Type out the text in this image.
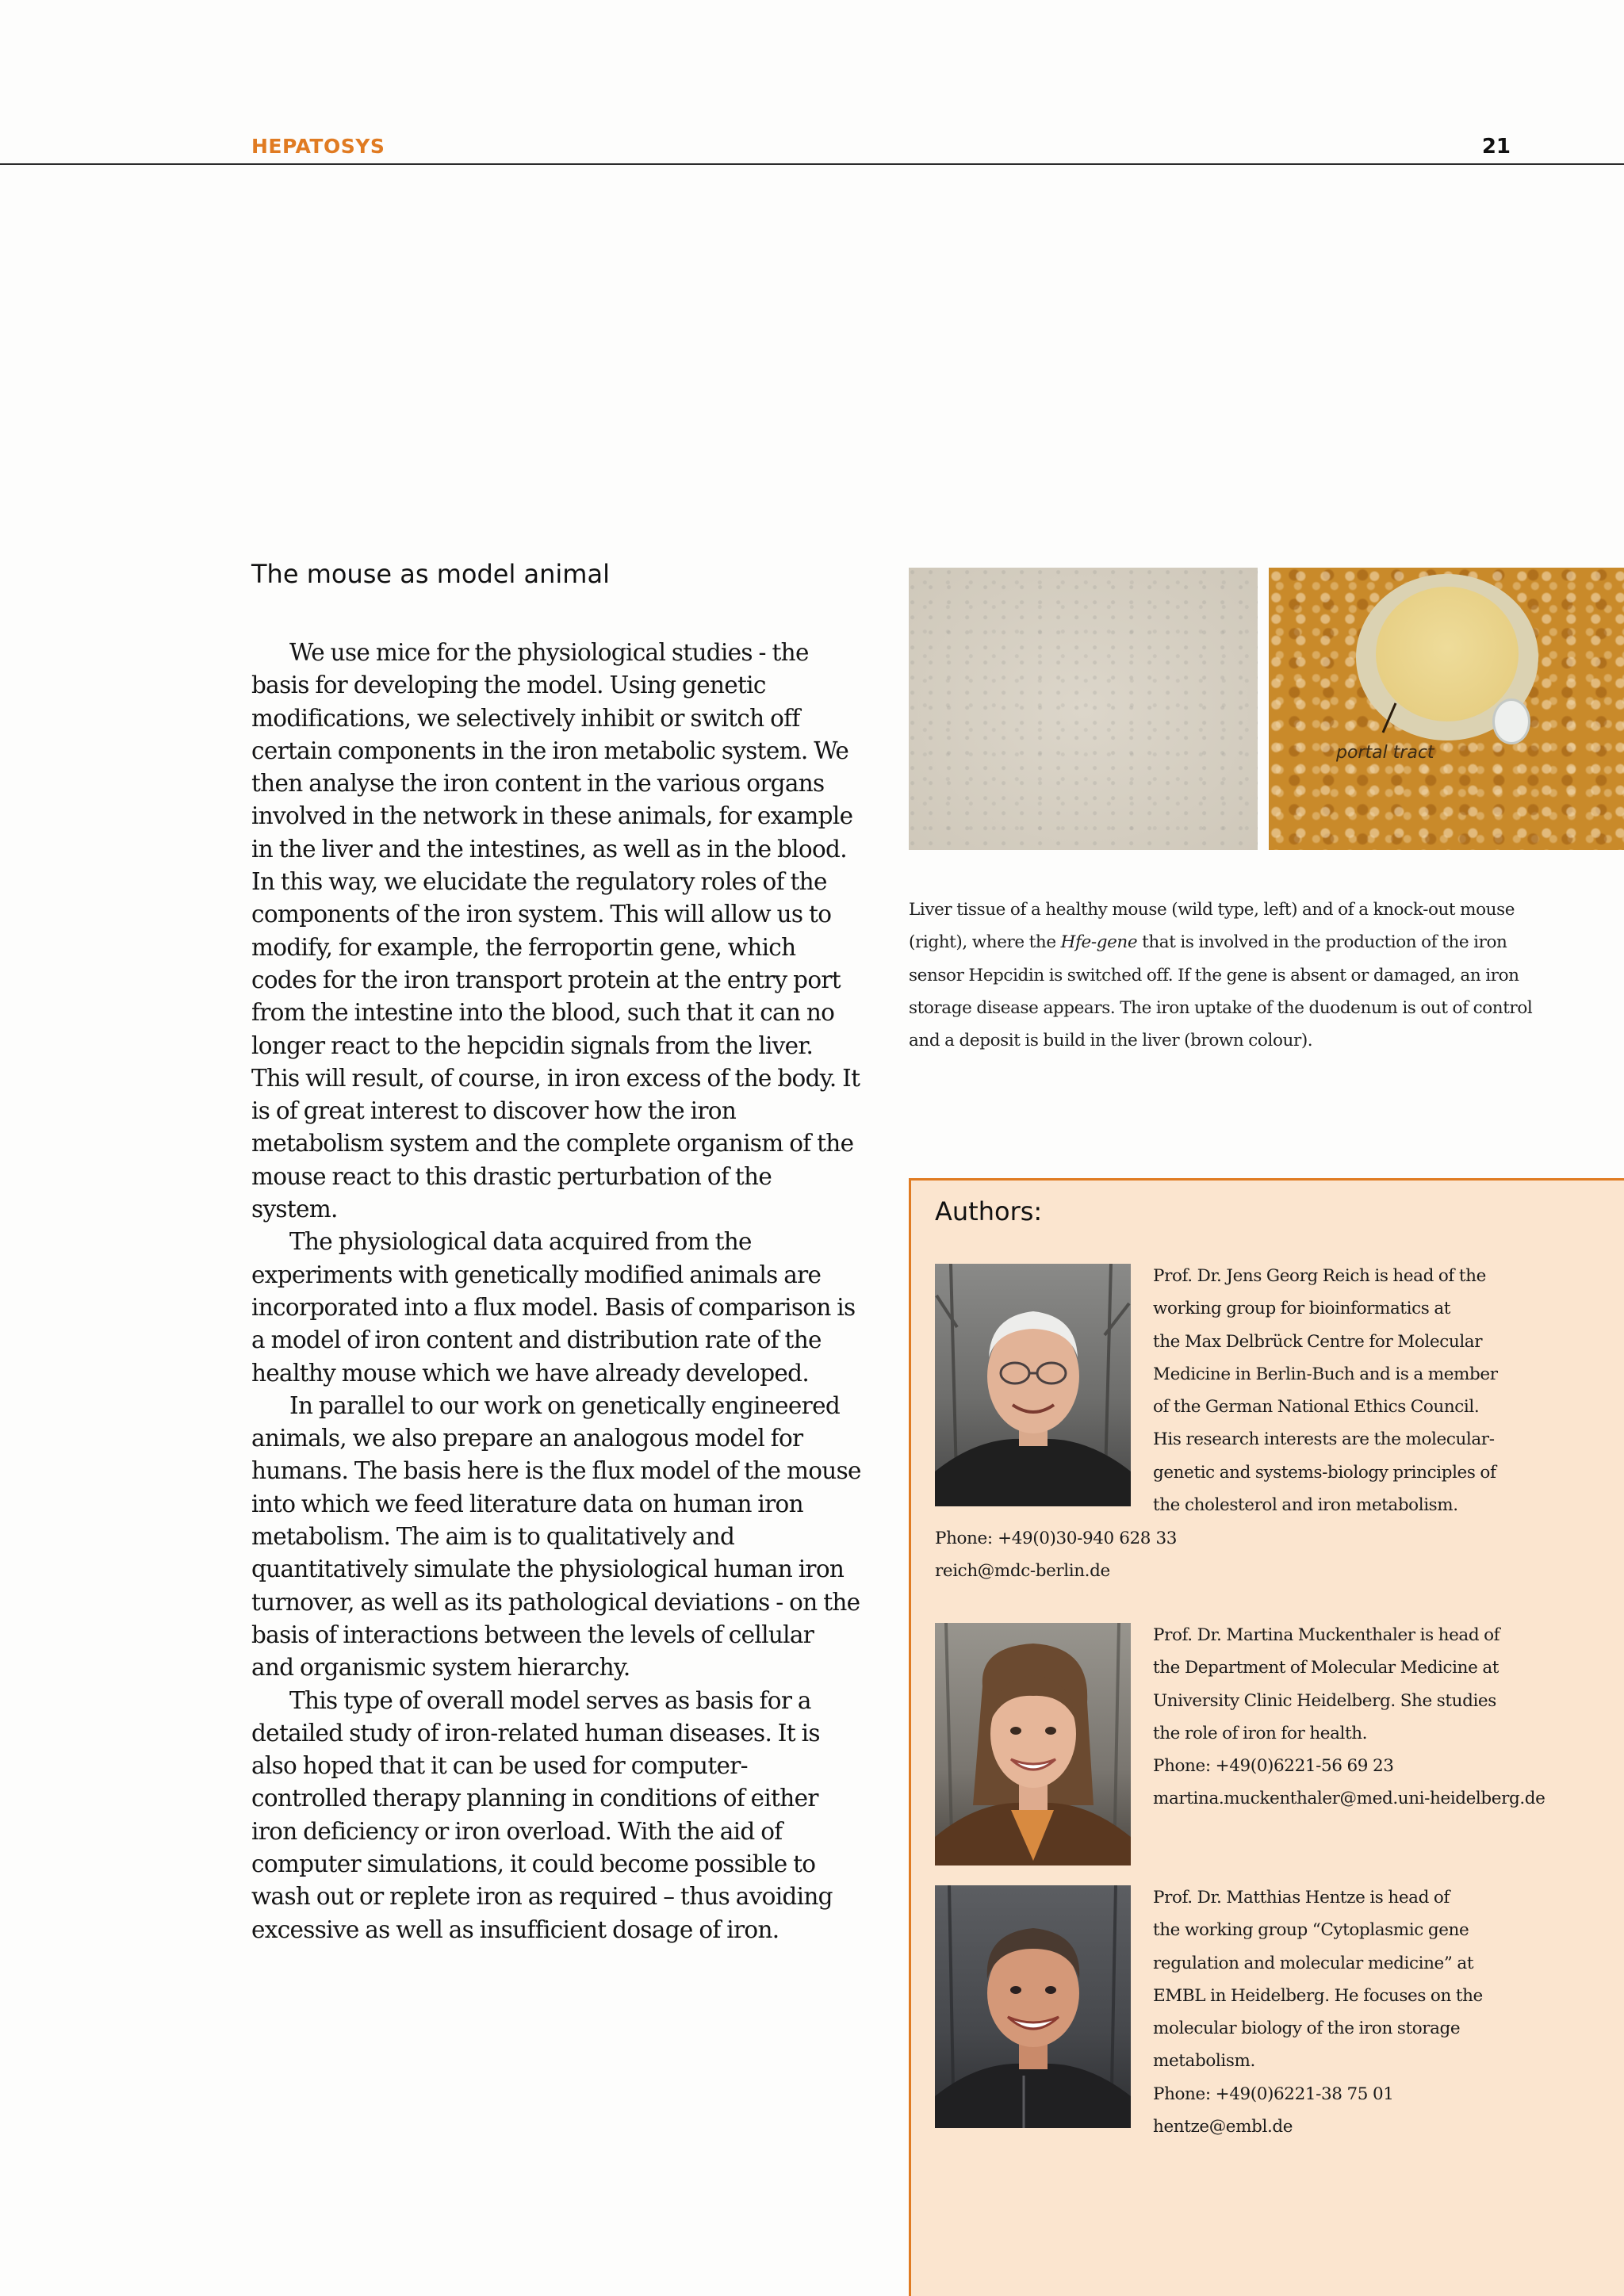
HEPATOSYS	21
The mouse as model animal

We use mice for the physiological studies - the basis for developing the model. Using genetic modifications, we selectively inhibit or switch off certain components in the iron metabolic system. We then analyse the iron content in the various organs involved in the network in these animals, for example in the liver and the intestines, as well as in the blood. In this way, we elucidate the regulatory roles of the components of the iron system. This will allow us to modify, for example, the ferroportin gene, which codes for the iron transport protein at the entry port from the intestine into the blood, such that it can no longer react to the hepcidin signals from the liver. This will result, of course, in iron excess of the body. It is of great interest to discover how the iron metabolism system and the complete organism of the mouse react to this drastic perturbation of the system.

The physiological data acquired from the experiments with genetically modified animals are incorporated into a flux model. Basis of comparison is a model of iron content and distribution rate of the healthy mouse which we have already developed.

In parallel to our work on genetically engineered animals, we also prepare an analogous model for humans. The basis here is the flux model of the mouse into which we feed literature data on human iron metabolism. The aim is to qualitatively and quantitatively simulate the physiological human iron turnover, as well as its pathological deviations - on the basis of interactions between the levels of cellular and organismic system hierarchy.

This type of overall model serves as basis for a detailed study of iron-related human diseases. It is also hoped that it can be used for computer-controlled therapy planning in conditions of either iron deficiency or iron overload. With the aid of computer simulations, it could become possible to wash out or replete iron as required – thus avoiding excessive as well as insufficient dosage of iron.

portal tract
Liver tissue of a healthy mouse (wild type, left) and of a knock-out mouse (right), where the Hfe-gene that is involved in the production of the iron sensor Hepcidin is switched off. If the gene is absent or damaged, an iron storage disease appears. The iron uptake of the duodenum is out of control and a deposit is build in the liver (brown colour).
Authors:
Prof. Dr. Jens Georg Reich is head of the
working group for bioinformatics at
the Max Delbrück Centre for Molecular
Medicine in Berlin-Buch and is a member
of the German National Ethics Council.
His research interests are the molecular-
genetic and systems-biology principles of
the cholesterol and iron metabolism.
Phone: +49(0)30-940 628 33
reich@mdc-berlin.de
Prof. Dr. Martina Muckenthaler is head of
the Department of Molecular Medicine at
University Clinic Heidelberg. She studies
the role of iron for health.
Phone: +49(0)6221-56 69 23
martina.muckenthaler@med.uni-heidelberg.de
Prof. Dr. Matthias Hentze is head of
the working group “Cytoplasmic gene
regulation and molecular medicine” at
EMBL in Heidelberg. He focuses on the
molecular biology of the iron storage
metabolism.
Phone: +49(0)6221-38 75 01
hentze@embl.de
